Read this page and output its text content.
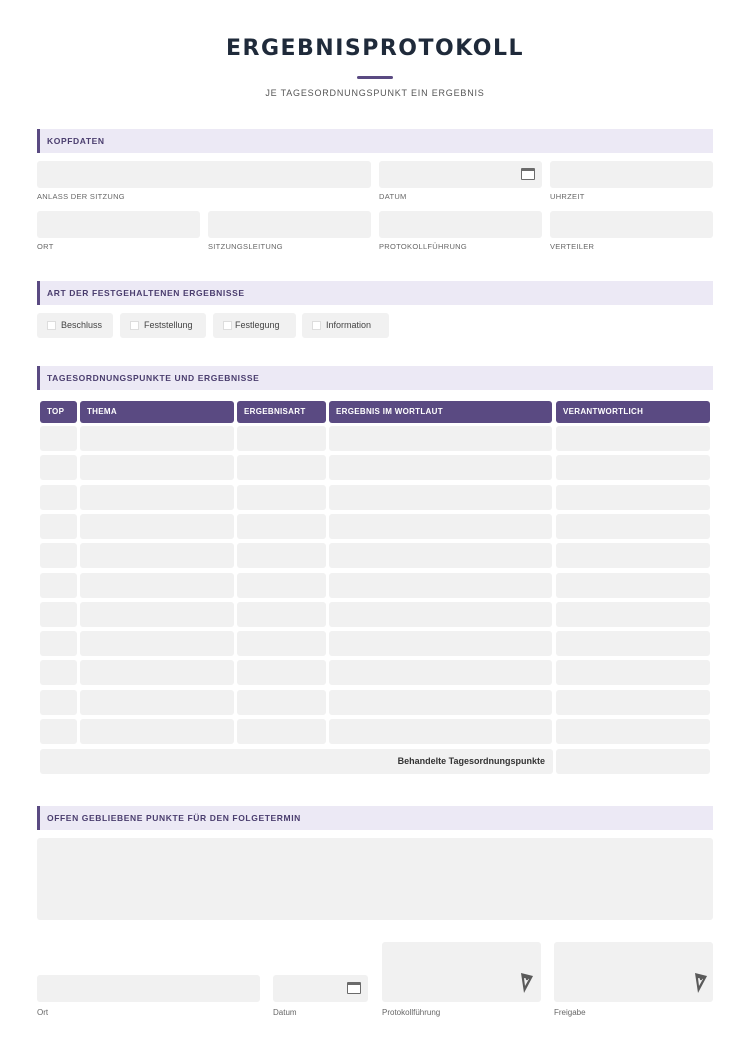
ERGEBNISPROTOKOLL
JE TAGESORDNUNGSPUNKT EIN ERGEBNIS
KOPFDATEN
ANLASS DER SITZUNG	DATUM	UHRZEIT
ORT	SITZUNGSLEITUNG	PROTOKOLLFÜHRUNG	VERTEILER
ART DER FESTGEHALTENEN ERGEBNISSE
Beschluss	Feststellung	Festlegung	Information
TAGESORDNUNGSPUNKTE UND ERGEBNISSE
TOP	THEMA	ERGEBNISART	ERGEBNIS IM WORTLAUT	VERANTWORTLICH
Behandelte Tagesordnungspunkte
OFFEN GEBLIEBENE PUNKTE FÜR DEN FOLGETERMIN
Ort	Datum	Protokollführung	Freigabe
